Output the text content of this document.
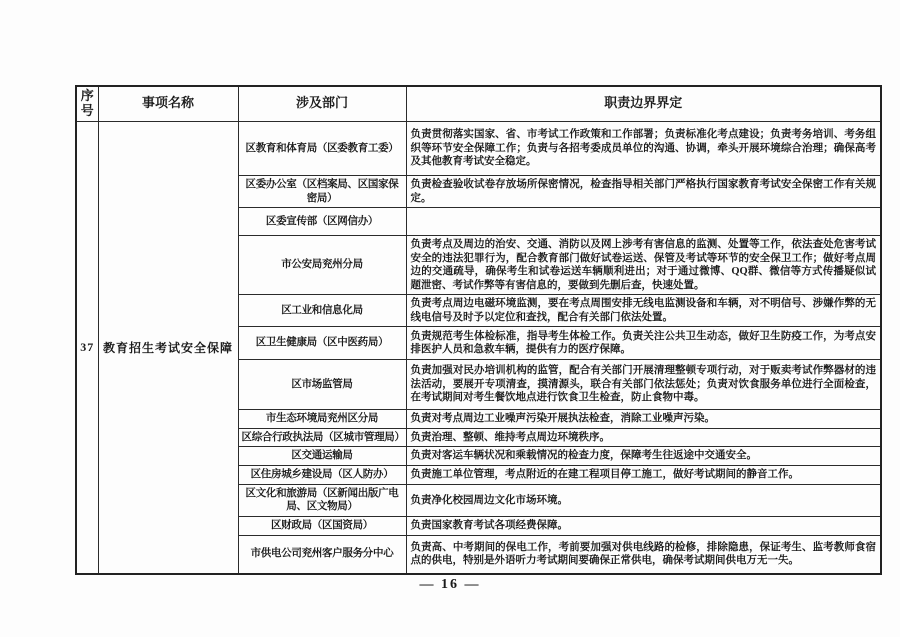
序号	事项名称	涉及部门	职责边界界定
37	教育招生考试安全保障	区教育和体育局（区委教育工委）	负责贯彻落实国家、省、市考试工作政策和工作部署；负责标准化考点建设；负责考务培训、考务组织等环节安全保障工作；负责与各招考委成员单位的沟通、协调，牵头开展环境综合治理；确保高考及其他教育考试安全稳定。
		区委办公室（区档案局、区国家保密局）	负责检查验收试卷存放场所保密情况，检查指导相关部门严格执行国家教育考试安全保密工作有关规定。
		区委宣传部（区网信办）	
		市公安局兖州分局	负责考点及周边的治安、交通、消防以及网上涉考有害信息的监测、处置等工作，依法查处危害考试安全的违法犯罪行为，配合教育部门做好试卷运送、保管及考试等环节的安全保卫工作；做好考点周边的交通疏导，确保考生和试卷运送车辆顺利进出；对于通过微博、QQ群、微信等方式传播疑似试题泄密、考试作弊等有害信息的，要做到先删后查，快速处置。
		区工业和信息化局	负责考点周边电磁环境监测，要在考点周围安排无线电监测设备和车辆，对不明信号、涉嫌作弊的无线电信号及时予以定位和查找，配合有关部门依法处置。
		区卫生健康局（区中医药局）	负责规范考生体检标准，指导考生体检工作。负责关注公共卫生动态，做好卫生防疫工作，为考点安排医护人员和急救车辆，提供有力的医疗保障。
		区市场监管局	负责加强对民办培训机构的监管，配合有关部门开展清理整顿专项行动，对于贩卖考试作弊器材的违法活动，要展开专项清查，摸清源头，联合有关部门依法惩处；负责对饮食服务单位进行全面检查，在考试期间对考生餐饮地点进行饮食卫生检查，防止食物中毒。
		市生态环境局兖州区分局	负责对考点周边工业噪声污染开展执法检查，消除工业噪声污染。
		区综合行政执法局（区城市管理局）	负责治理、整顿、维持考点周边环境秩序。
		区交通运输局	负责对客运车辆状况和乘载情况的检查力度，保障考生往返途中交通安全。
		区住房城乡建设局（区人防办）	负责施工单位管理，考点附近的在建工程项目停工施工，做好考试期间的静音工作。
		区文化和旅游局（区新闻出版广电局、区文物局）	负责净化校园周边文化市场环境。
		区财政局（区国资局）	负责国家教育考试各项经费保障。
		市供电公司兖州客户服务分中心	负责高、中考期间的保电工作，考前要加强对供电线路的检修，排除隐患，保证考生、监考教师食宿点的供电，特别是外语听力考试期间要确保正常供电，确保考试期间供电万无一失。
— 16 —
